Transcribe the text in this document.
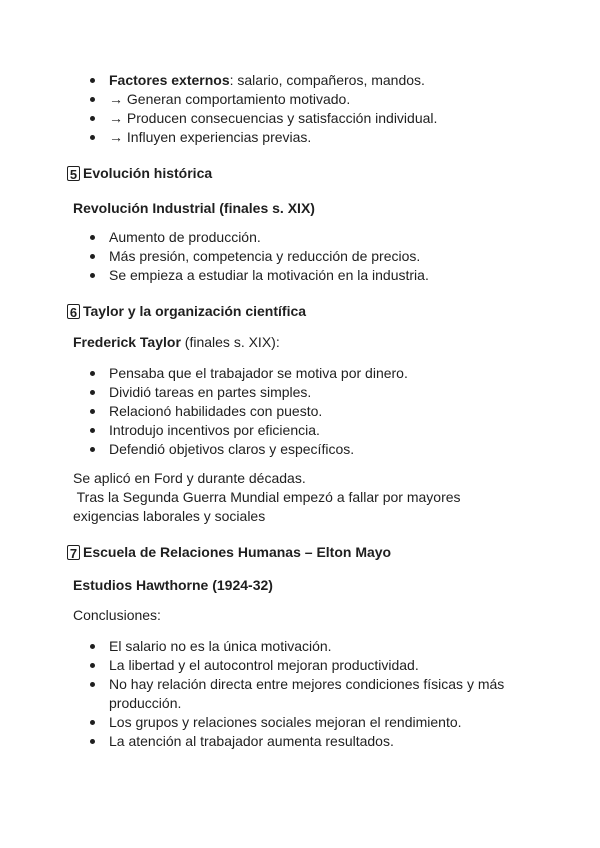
Factores externos: salario, compañeros, mandos.
→ Generan comportamiento motivado.
→ Producen consecuencias y satisfacción individual.
→ Influyen experiencias previas.
5 Evolución histórica
Revolución Industrial (finales s. XIX)
Aumento de producción.
Más presión, competencia y reducción de precios.
Se empieza a estudiar la motivación en la industria.
6 Taylor y la organización científica
Frederick Taylor (finales s. XIX):
Pensaba que el trabajador se motiva por dinero.
Dividió tareas en partes simples.
Relacionó habilidades con puesto.
Introdujo incentivos por eficiencia.
Defendió objetivos claros y específicos.
Se aplicó en Ford y durante décadas.
Tras la Segunda Guerra Mundial empezó a fallar por mayores
exigencias laborales y sociales
7 Escuela de Relaciones Humanas – Elton Mayo
Estudios Hawthorne (1924-32)
Conclusiones:
El salario no es la única motivación.
La libertad y el autocontrol mejoran productividad.
No hay relación directa entre mejores condiciones físicas y más producción.
Los grupos y relaciones sociales mejoran el rendimiento.
La atención al trabajador aumenta resultados.
